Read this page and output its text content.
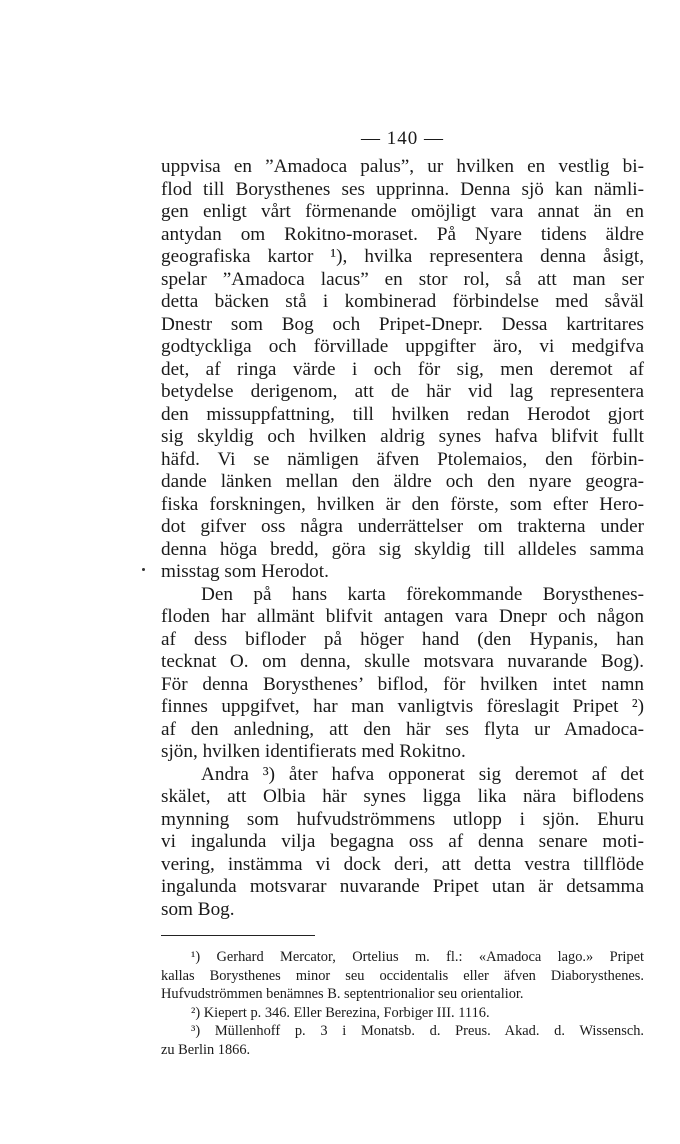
— 140 —
uppvisa en ”Amadoca palus”, ur hvilken en vestlig bi-
flod till Borysthenes ses upprinna. Denna sjö kan nämli-
gen enligt vårt förmenande omöjligt vara annat än en
antydan om Rokitno-moraset. På Nyare tidens äldre
geografiska kartor ¹), hvilka representera denna åsigt,
spelar ”Amadoca lacus” en stor rol, så att man ser
detta bäcken stå i kombinerad förbindelse med såväl
Dnestr som Bog och Pripet-Dnepr. Dessa kartritares
godtyckliga och förvillade uppgifter äro, vi medgifva
det, af ringa värde i och för sig, men deremot af
betydelse derigenom, att de här vid lag representera
den missuppfattning, till hvilken redan Herodot gjort
sig skyldig och hvilken aldrig synes hafva blifvit fullt
häfd. Vi se nämligen äfven Ptolemaios, den förbin-
dande länken mellan den äldre och den nyare geogra-
fiska forskningen, hvilken är den förste, som efter Hero-
dot gifver oss några underrättelser om trakterna under
denna höga bredd, göra sig skyldig till alldeles samma
misstag som Herodot.
Den på hans karta förekommande Borysthenes-
floden har allmänt blifvit antagen vara Dnepr och någon
af dess bifloder på höger hand (den Hypanis, han
tecknat O. om denna, skulle motsvara nuvarande Bog).
För denna Borysthenes’ biflod, för hvilken intet namn
finnes uppgifvet, har man vanligtvis föreslagit Pripet ²)
af den anledning, att den här ses flyta ur Amadoca-
sjön, hvilken identifierats med Rokitno.
Andra ³) åter hafva opponerat sig deremot af det
skälet, att Olbia här synes ligga lika nära biflodens
mynning som hufvudströmmens utlopp i sjön. Ehuru
vi ingalunda vilja begagna oss af denna senare moti-
vering, instämma vi dock deri, att detta vestra tillflöde
ingalunda motsvarar nuvarande Pripet utan är detsamma
som Bog.
¹) Gerhard Mercator, Ortelius m. fl.: «Amadoca lago.» Pripet
kallas Borysthenes minor seu occidentalis eller äfven Diaborysthenes.
Hufvudströmmen benämnes B. septentrionalior seu orientalior.
²) Kiepert p. 346. Eller Berezina, Forbiger III. 1116.
³) Müllenhoff p. 3 i Monatsb. d. Preus. Akad. d. Wissensch.
zu Berlin 1866.
